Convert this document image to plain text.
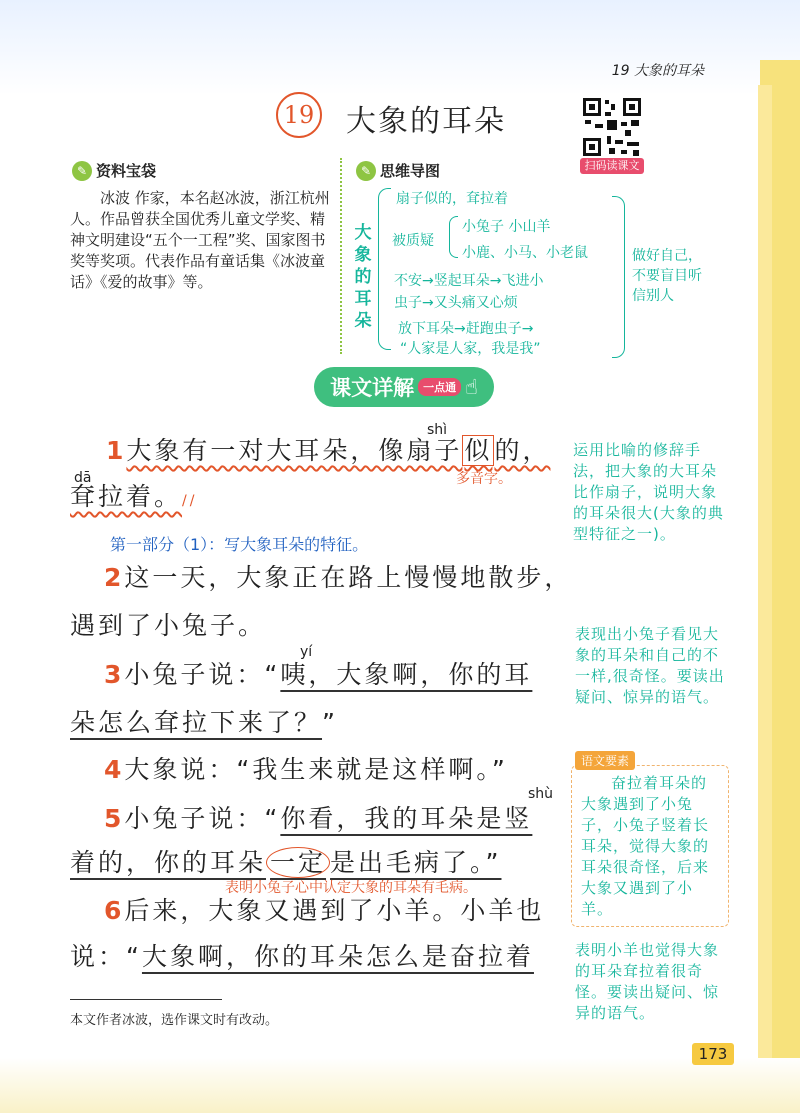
19 大象的耳朵
19 大象的耳朵
扫码读课文
✎ 资料宝袋
冰波 作家，本名赵冰波，浙江杭州人。作品曾获全国优秀儿童文学奖、精神文明建设“五个一工程”奖、国家图书奖等奖项。代表作品有童话集《冰波童话》《爱的故事》等。
✎ 思维导图
大象的耳朵
扇子似的，耷拉着
被质疑
小兔子 小山羊
小鹿、小马、小老鼠
不安→竖起耳朵→飞进小
虫子→又头痛又心烦
放下耳朵→赶跑虫子→
“人家是人家，我是我”
做好自己，不要盲目听信别人
课文详解 一点通 ☝
shì
1大象有一对大耳朵，像扇子似的，
多音字。
dā
耷拉着。//
第一部分（1）：写大象耳朵的特征。
2这一天，大象正在路上慢慢地散步，
遇到了小兔子。
yí
3小兔子说：“咦，大象啊，你的耳
朵怎么耷拉下来了？”
4大象说：“我生来就是这样啊。”
shù
5小兔子说：“你看，我的耳朵是竖
着的，你的耳朵 一定 是出毛病了。”
表明小兔子心中认定大象的耳朵有毛病。
6后来，大象又遇到了小羊。小羊也
说：“大象啊，你的耳朵怎么是奋拉着
运用比喻的修辞手法，把大象的大耳朵比作扇子，说明大象的耳朵很大(大象的典型特征之一)。
表现出小兔子看见大象的耳朵和自己的不一样,很奇怪。要读出疑问、惊异的语气。
语文要素
奋拉着耳朵的大象遇到了小兔子，小兔子竖着长耳朵，觉得大象的耳朵很奇怪，后来大象又遇到了小羊。
表明小羊也觉得大象的耳朵耷拉着很奇怪。要读出疑问、惊异的语气。
本文作者冰波，选作课文时有改动。
173
